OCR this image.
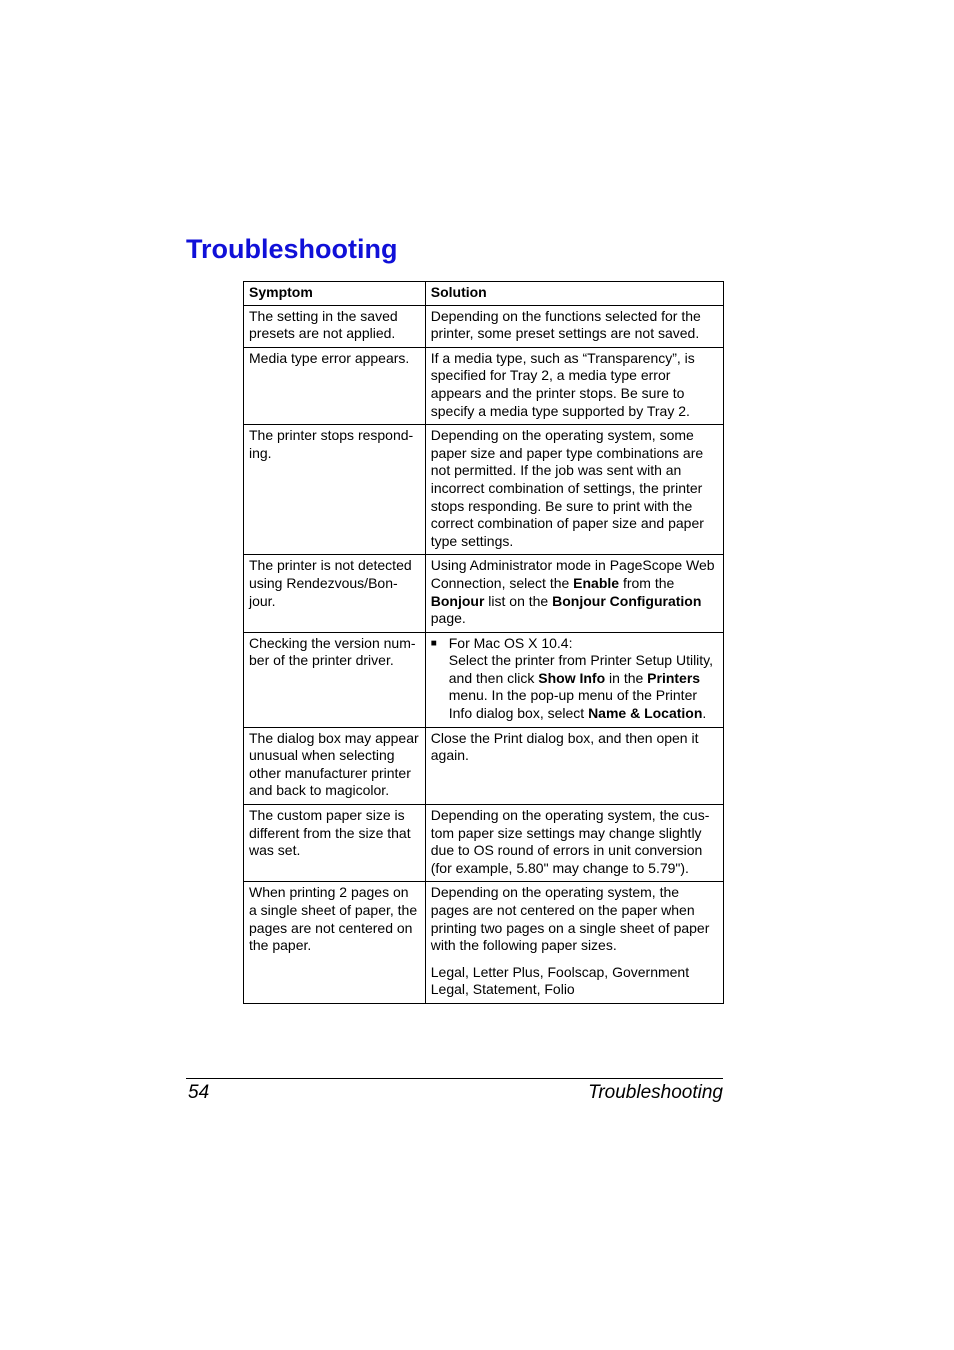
Troubleshooting
Symptom	Solution
The setting in the saved presets are not applied.	Depending on the functions selected for the printer, some preset settings are not saved.
Media type error appears.	If a media type, such as “Transparency”, is specified for Tray 2, a media type error appears and the printer stops. Be sure to specify a media type supported by Tray 2.
The printer stops respond-ing.	Depending on the operating system, some paper size and paper type combinations are not permitted. If the job was sent with an incorrect combination of settings, the printer stops responding. Be sure to print with the correct combination of paper size and paper type settings.
The printer is not detected using Rendezvous/Bon-jour.	Using Administrator mode in PageScope Web Connection, select the Enable from the Bonjour list on the Bonjour Configuration page.
Checking the version num-ber of the printer driver.	■ For Mac OS X 10.4:
Select the printer from Printer Setup Utility, and then click Show Info in the Printers menu. In the pop-up menu of the Printer Info dialog box, select Name & Location.

The dialog box may appear unusual when selecting other manufacturer printer and back to magicolor.	Close the Print dialog box, and then open it again.
The custom paper size is different from the size that was set.	Depending on the operating system, the cus-tom paper size settings may change slightly due to OS round of errors in unit conversion (for example, 5.80" may change to 5.79").
When printing 2 pages on a single sheet of paper, the pages are not centered on the paper.	Depending on the operating system, the pages are not centered on the paper when printing two pages on a single sheet of paper with the following paper sizes.
Legal, Letter Plus, Foolscap, Government Legal, Statement, Folio
54	Troubleshooting
